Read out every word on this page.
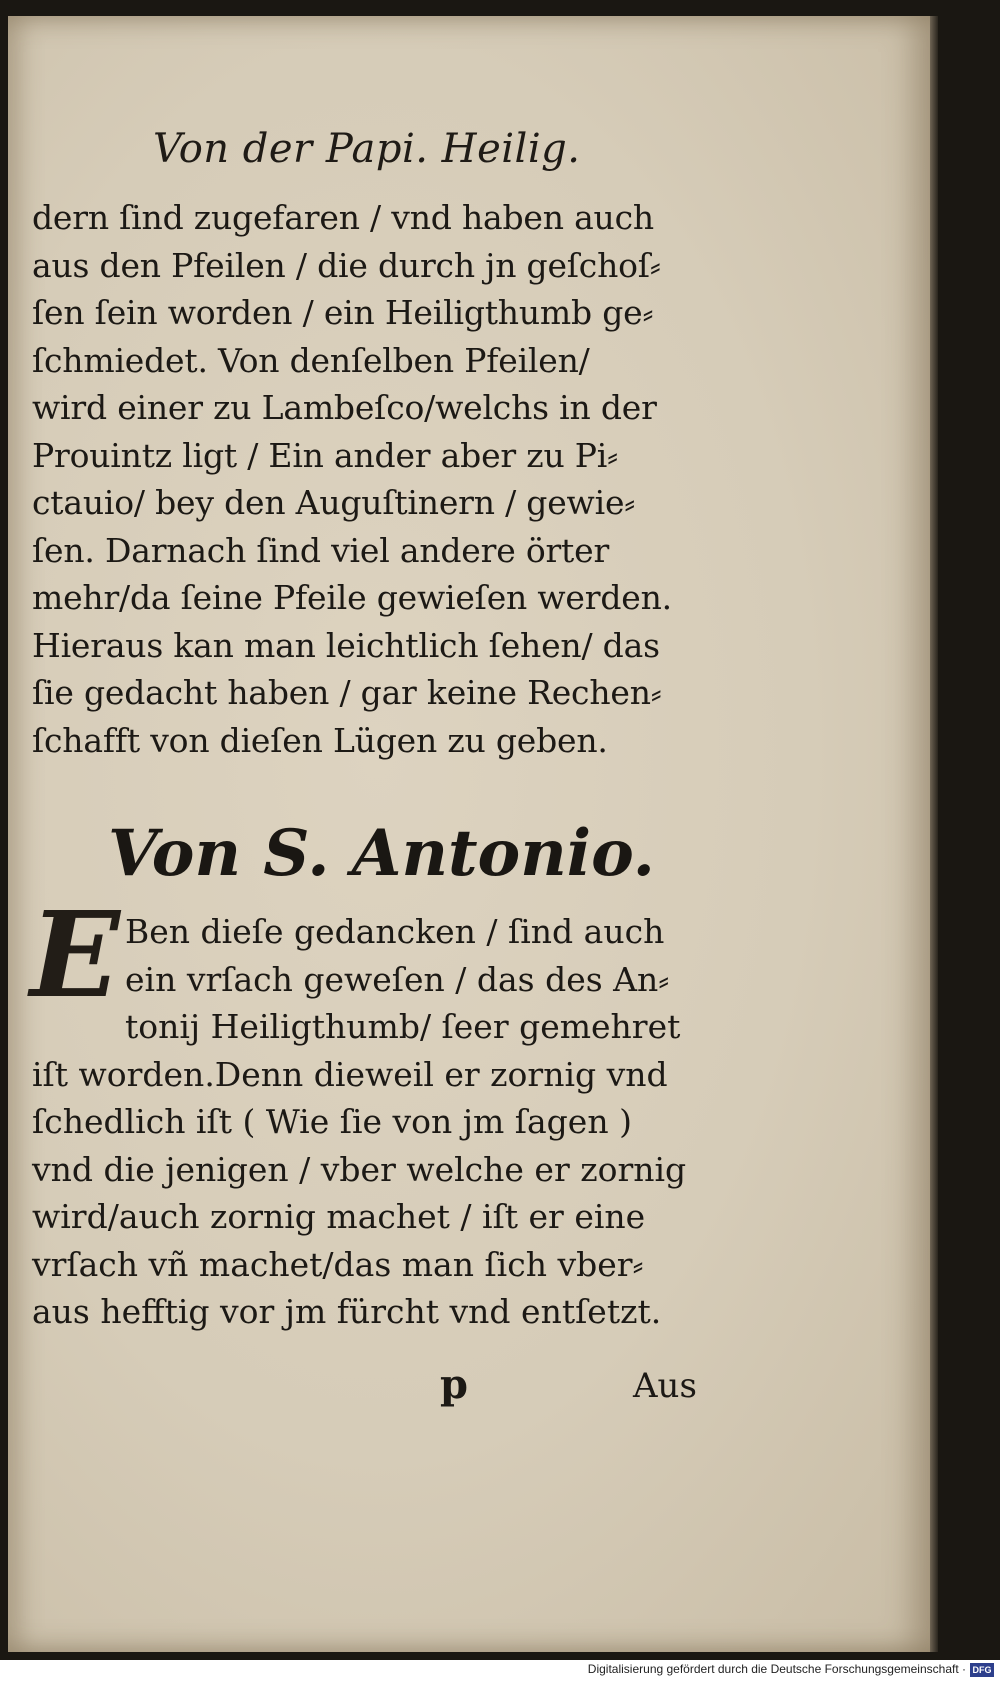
Von der Papi. Heilig.
dern ſind zugefaren / vnd haben auch
aus den Pfeilen / die durch jn geſchoſ⸗
ſen ſein worden / ein Heiligthumb ge⸗
ſchmiedet. Von denſelben Pfeilen/
wird einer zu Lambeſco/welchs in der
Prouintz ligt / Ein ander aber zu Pi⸗
ctauio/ bey den Auguſtinern / gewie⸗
ſen. Darnach ſind viel andere örter
mehr/da ſeine Pfeile gewieſen werden.
Hieraus kan man leichtlich ſehen/ das
ſie gedacht haben / gar keine Rechen⸗
ſchafft von dieſen Lügen zu geben.
Von S. Antonio.
E Ben dieſe gedancken / ſind auch
ein vrſach geweſen / das des An⸗
tonij Heiligthumb/ ſeer gemehret
iſt worden.Denn dieweil er zornig vnd
ſchedlich iſt ( Wie ſie von jm ſagen )
vnd die jenigen / vber welche er zornig
wird/auch zornig machet / iſt er eine
vrſach vñ machet/das man ſich vber⸗
aus hefftig vor jm fürcht vnd entſetzt.
p	Aus
Digitalisierung gefördert durch die Deutsche Forschungsgemeinschaft · DFG
